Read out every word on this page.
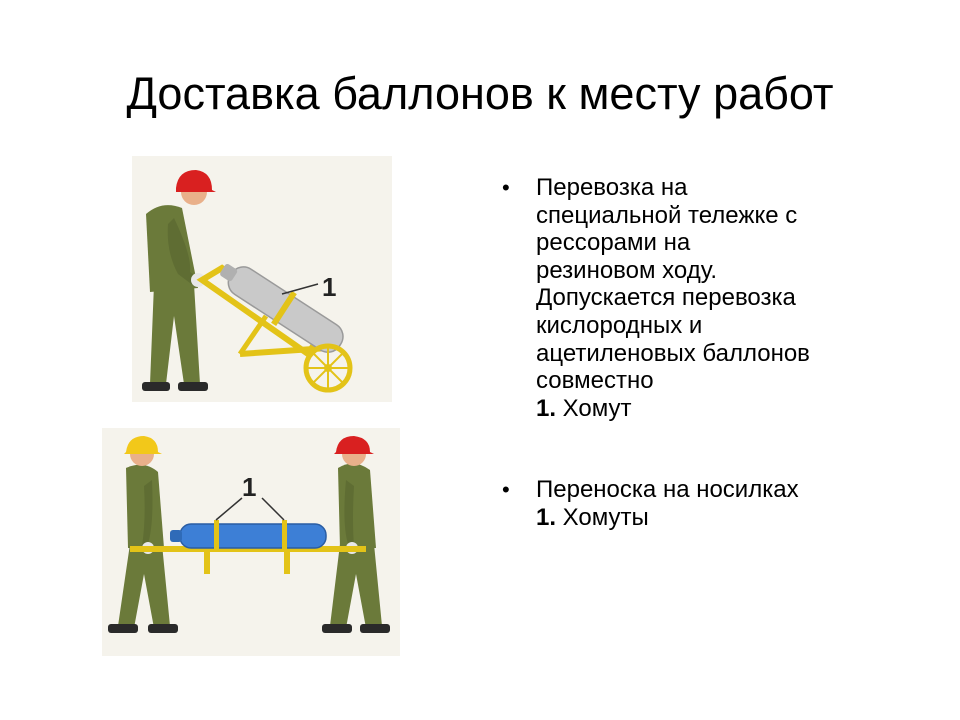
Доставка баллонов к месту работ
1
1
• Перевозка на
специальной тележке с
рессорами на
резиновом ходу.
Допускается перевозка
кислородных и
ацетиленовых баллонов
совместно
1. Хомут
• Переноска на носилках
1. Хомуты
